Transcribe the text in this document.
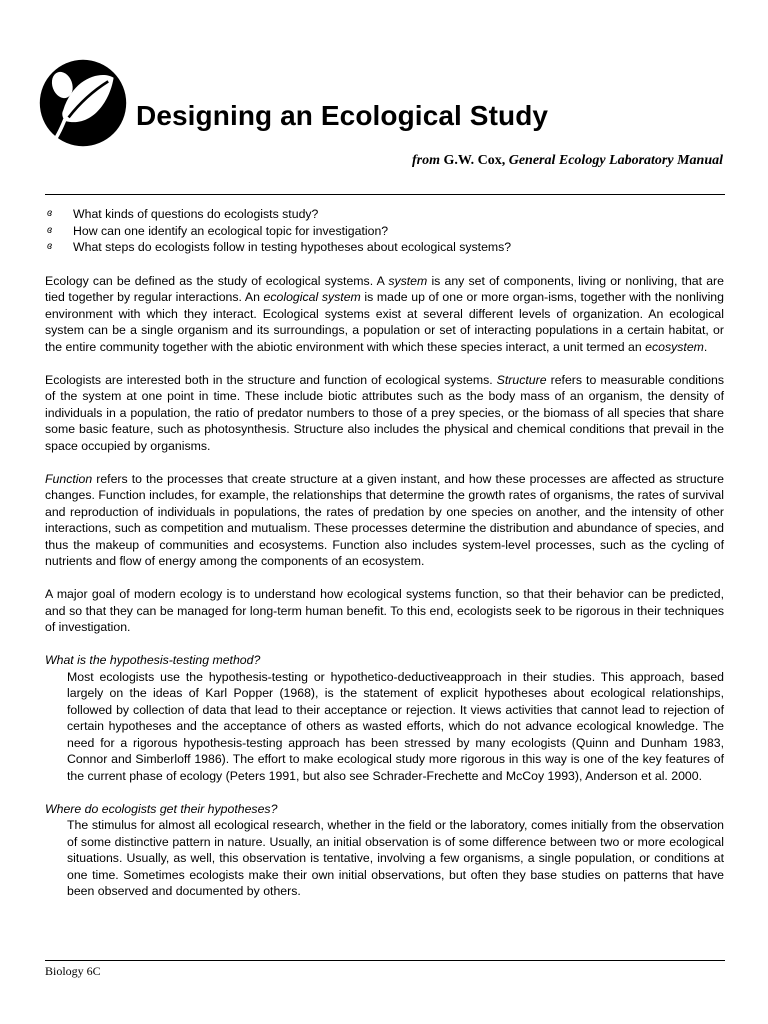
Designing an Ecological Study
from G.W. Cox, General Ecology Laboratory Manual
ɞ What kinds of questions do ecologists study?
ɞ How can one identify an ecological topic for investigation?
ɞ What steps do ecologists follow in testing hypotheses about ecological systems?

Ecology can be defined as the study of ecological systems. A system is any set of components, living or nonliving, that are tied together by regular interactions. An ecological system is made up of one or more organ-isms, together with the nonliving environment with which they interact. Ecological systems exist at several different levels of organization. An ecological system can be a single organism and its surroundings, a population or set of interacting populations in a certain habitat, or the entire community together with the abiotic environment with which these species interact, a unit termed an ecosystem.

Ecologists are interested both in the structure and function of ecological systems. Structure refers to measurable conditions of the system at one point in time. These include biotic attributes such as the body mass of an organism, the density of individuals in a population, the ratio of predator numbers to those of a prey species, or the biomass of all species that share some basic feature, such as photosynthesis. Structure also includes the physical and chemical conditions that prevail in the space occupied by organisms.

Function refers to the processes that create structure at a given instant, and how these processes are affected as structure changes. Function includes, for example, the relationships that determine the growth rates of organisms, the rates of survival and reproduction of individuals in populations, the rates of predation by one species on another, and the intensity of other interactions, such as competition and mutualism. These processes determine the distribution and abundance of species, and thus the makeup of communities and ecosystems. Function also includes system-level processes, such as the cycling of nutrients and flow of energy among the components of an ecosystem.

A major goal of modern ecology is to understand how ecological systems function, so that their behavior can be predicted, and so that they can be managed for long-term human benefit. To this end, ecologists seek to be rigorous in their techniques of investigation.

What is the hypothesis-testing method?
Most ecologists use the hypothesis-testing or hypothetico-deductiveapproach in their studies. This approach, based largely on the ideas of Karl Popper (1968), is the statement of explicit hypotheses about ecological relationships, followed by collection of data that lead to their acceptance or rejection. It views activities that cannot lead to rejection of certain hypotheses and the acceptance of others as wasted efforts, which do not advance ecological knowledge. The need for a rigorous hypothesis-testing approach has been stressed by many ecologists (Quinn and Dunham 1983, Connor and Simberloff 1986). The effort to make ecological study more rigorous in this way is one of the key features of the current phase of ecology (Peters 1991, but also see Schrader-Frechette and McCoy 1993), Anderson et al. 2000.
Where do ecologists get their hypotheses?
The stimulus for almost all ecological research, whether in the field or the laboratory, comes initially from the observation of some distinctive pattern in nature. Usually, an initial observation is of some difference between two or more ecological situations. Usually, as well, this observation is tentative, involving a few organisms, a single population, or conditions at one time. Sometimes ecologists make their own initial observations, but often they base studies on patterns that have been observed and documented by others.
Biology 6C
